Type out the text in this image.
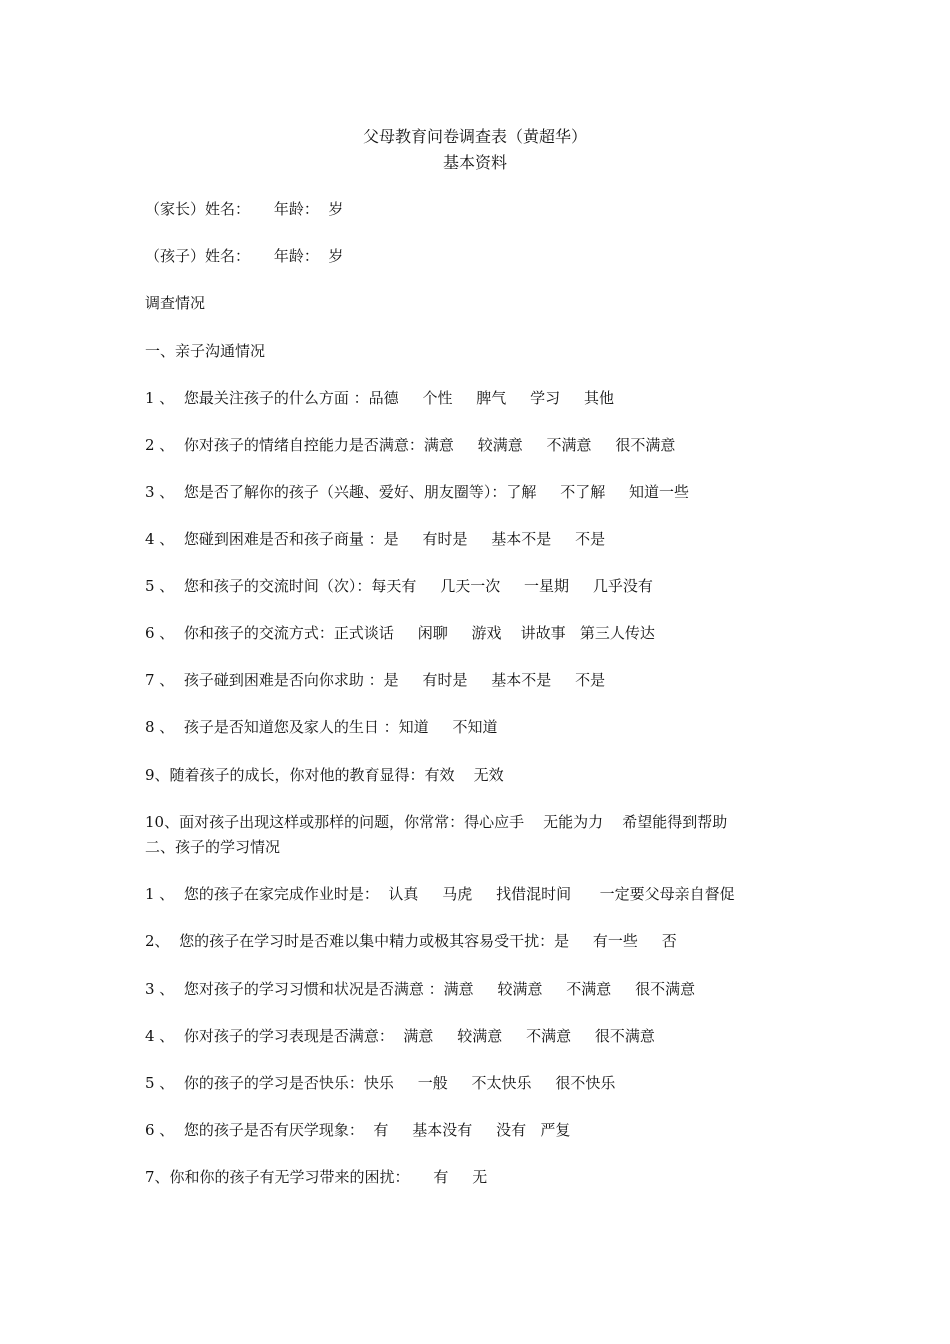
父母教育问卷调查表（黄超华）
基本资料
（家长）姓名：     年龄：  岁
（孩子）姓名：     年龄：  岁
调查情况
一、亲子沟通情况
1 、  您最关注孩子的什么方面 ：品德     个性     脾气     学习     其他
2 、  你对孩子的情绪自控能力是否满意：满意     较满意     不满意     很不满意
3 、  您是否了解你的孩子（兴趣、爱好、朋友圈等）：了解     不了解     知道一些
4 、  您碰到困难是否和孩子商量 ：是     有时是     基本不是     不是
5 、  您和孩子的交流时间（次）：每天有     几天一次     一星期     几乎没有
6 、  你和孩子的交流方式：正式谈话     闲聊     游戏    讲故事   第三人传达
7 、  孩子碰到困难是否向你求助 ：是     有时是     基本不是     不是
8 、  孩子是否知道您及家人的生日 ：知道     不知道
9、随着孩子的成长，你对他的教育显得：有效    无效
10、面对孩子出现这样或那样的问题，你常常：得心应手    无能为力    希望能得到帮助
二、孩子的学习情况
1 、  您的孩子在家完成作业时是：  认真     马虎     找借混时间      一定要父母亲自督促
2、  您的孩子在学习时是否难以集中精力或极其容易受干扰：是     有一些     否
3 、  您对孩子的学习习惯和状况是否满意 ：满意     较满意     不满意     很不满意
4 、  你对孩子的学习表现是否满意：  满意     较满意     不满意     很不满意
5 、  你的孩子的学习是否快乐：快乐     一般     不太快乐     很不快乐
6 、  您的孩子是否有厌学现象：  有     基本没有     没有   严复
7、你和你的孩子有无学习带来的困扰：     有     无
